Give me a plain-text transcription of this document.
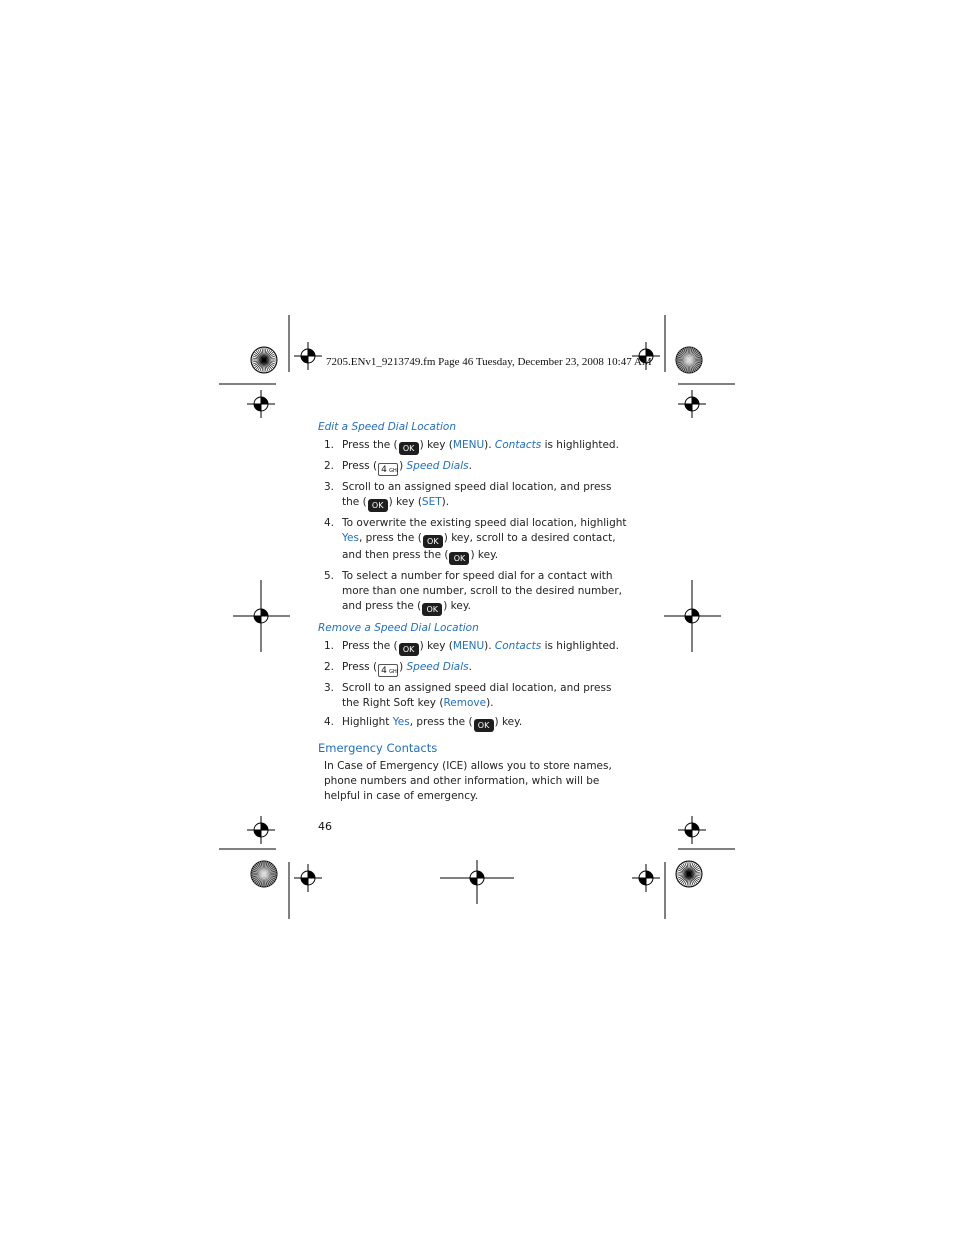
7205.ENv1_9213749.fm Page 46 Tuesday, December 23, 2008 10:47 AM
Edit a Speed Dial Location
1. Press the ( OK ) key (MENU). Contacts is highlighted.
2. Press ( 4 GHI ) Speed Dials.
3. Scroll to an assigned speed dial location, and press the ( OK ) key (SET).
4. To overwrite the existing speed dial location, highlight Yes, press the ( OK ) key, scroll to a desired contact, and then press the ( OK ) key.
5. To select a number for speed dial for a contact with more than one number, scroll to the desired number, and press the ( OK ) key.
Remove a Speed Dial Location
1. Press the ( OK ) key (MENU). Contacts is highlighted.
2. Press ( 4 GHI ) Speed Dials.
3. Scroll to an assigned speed dial location, and press the Right Soft key (Remove).
4. Highlight Yes, press the ( OK ) key.
Emergency Contacts
In Case of Emergency (ICE) allows you to store names, phone numbers and other information, which will be helpful in case of emergency.
46
